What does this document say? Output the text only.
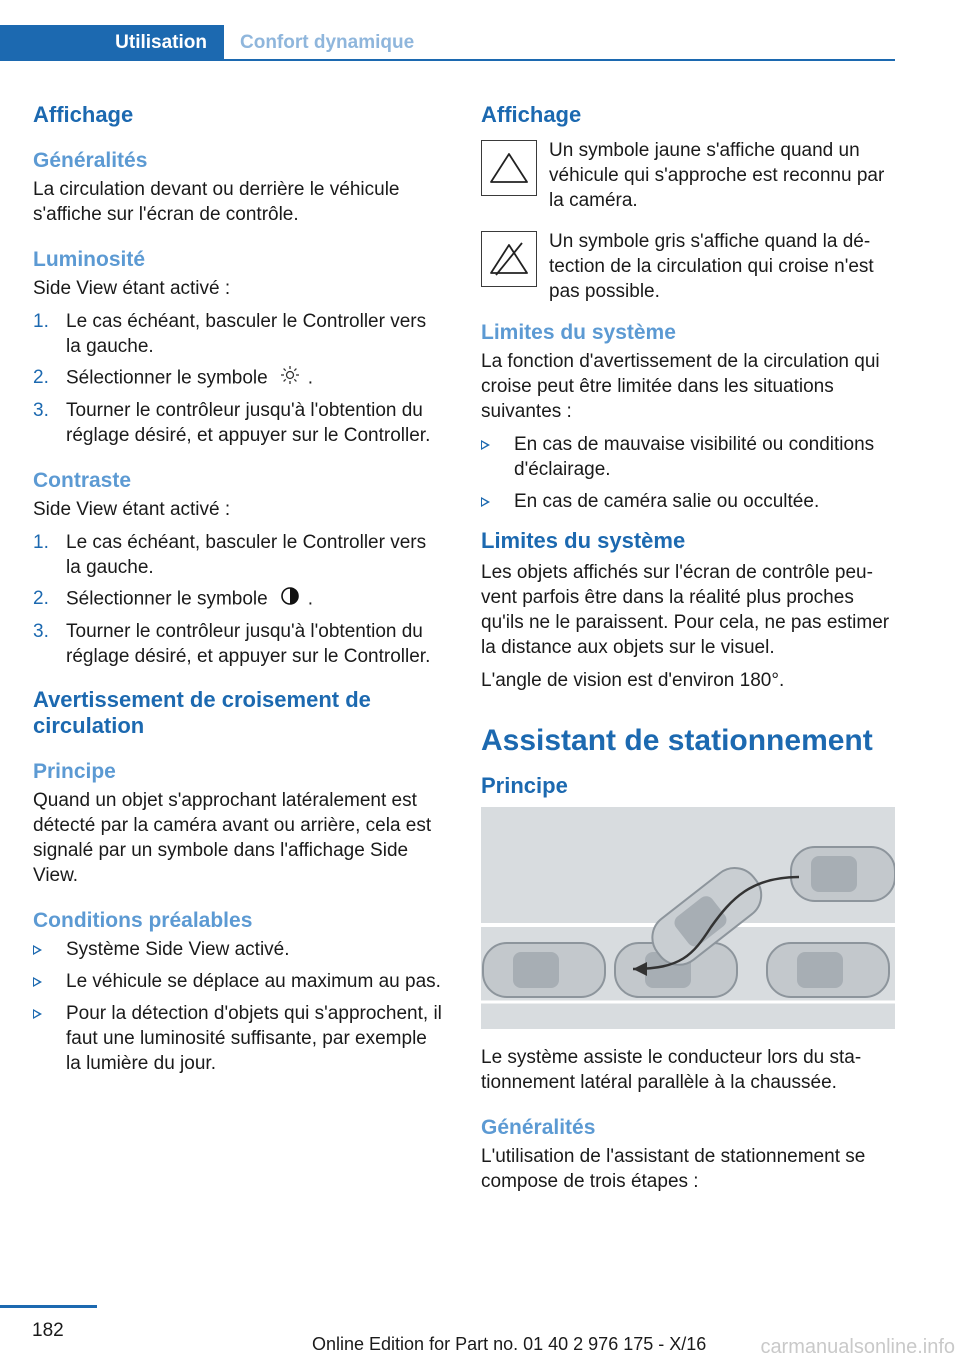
Utilisation Confort dynamique
Affichage
Généralités

La circulation devant ou derrière le véhicule s'affiche sur l'écran de contrôle.

Luminosité

Side View étant activé :

1. Le cas échéant, basculer le Controller vers la gauche.
2. Sélectionner le symbole .
3. Tourner le contrôleur jusqu'à l'obtention du réglage désiré, et appuyer sur le Controller.
Contraste

Side View étant activé :

1. Le cas échéant, basculer le Controller vers la gauche.
2. Sélectionner le symbole .
3. Tourner le contrôleur jusqu'à l'obtention du réglage désiré, et appuyer sur le Controller.
Avertissement de croisement de circulation
Principe

Quand un objet s'approchant latéralement est détecté par la caméra avant ou arrière, cela est signalé par un symbole dans l'affichage Side View.

Conditions préalables
Système Side View activé.
Le véhicule se déplace au maximum au pas.
Pour la détection d'objets qui s'approchent, il faut une luminosité suffisante, par exemple la lumière du jour.
Affichage
Un symbole jaune s'affiche quand un véhicule qui s'approche est reconnu par la caméra.
Un symbole gris s'affiche quand la détection de la circulation qui croise n'est pas possible.
Limites du système

La fonction d'avertissement de la circulation qui croise peut être limitée dans les situations suivantes :

En cas de mauvaise visibilité ou conditions d'éclairage.
En cas de caméra salie ou occultée.
Limites du système

Les objets affichés sur l'écran de contrôle peuvent parfois être dans la réalité plus proches qu'ils ne le paraissent. Pour cela, ne pas estimer la distance aux objets sur le visuel.

L'angle de vision est d'environ 180°.

Assistant de stationnement
Principe

Le système assiste le conducteur lors du stationnement latéral parallèle à la chaussée.

Généralités

L'utilisation de l'assistant de stationnement se compose de trois étapes :

182
Online Edition for Part no. 01 40 2 976 175 - X/16	carmanualsonline.info
